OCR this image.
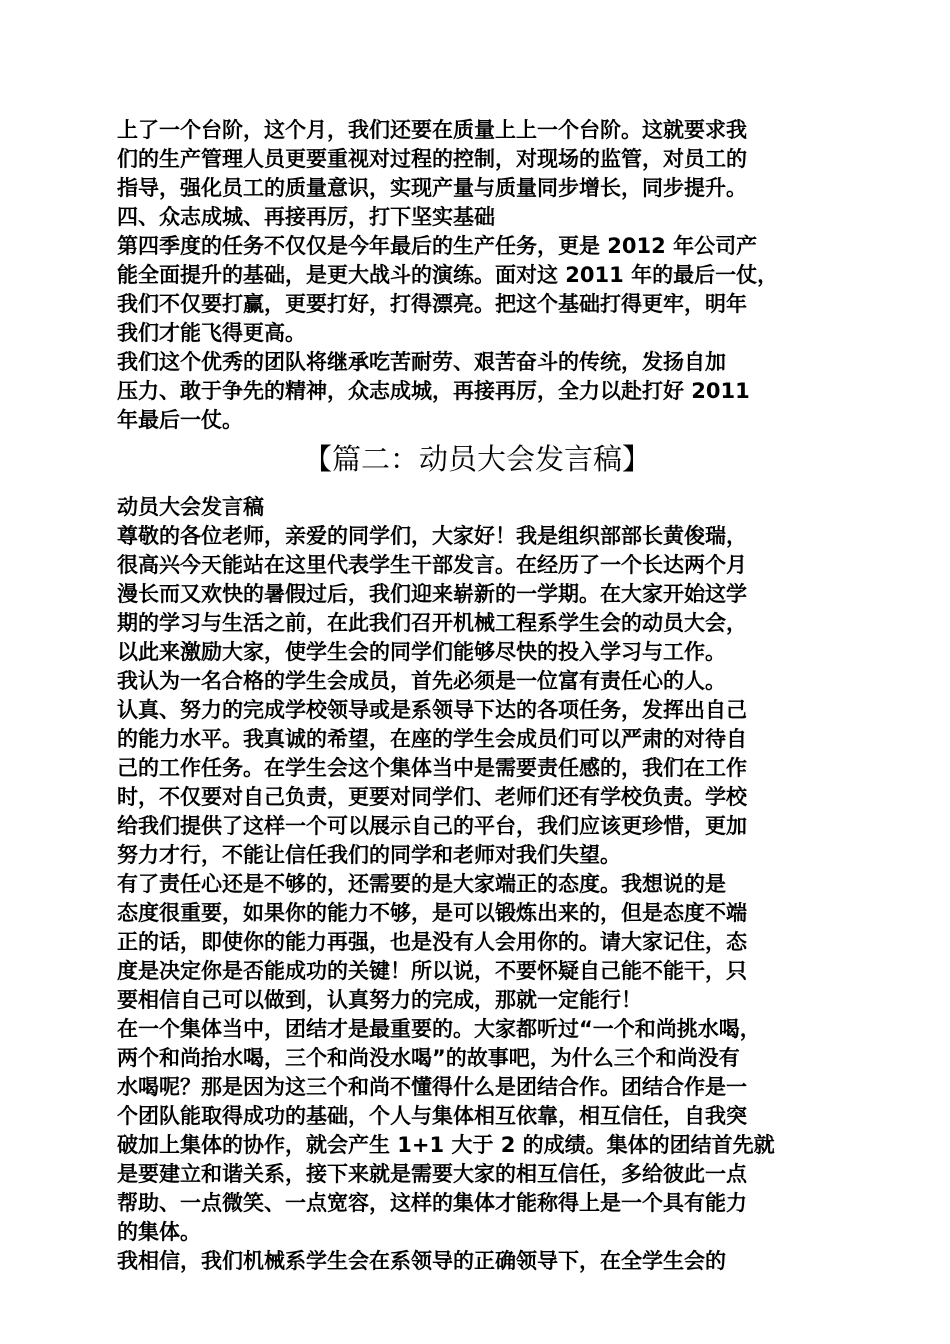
上了一个台阶，这个月，我们还要在质量上上一个台阶。这就要求我
们的生产管理人员更要重视对过程的控制，对现场的监管，对员工的
指导，强化员工的质量意识，实现产量与质量同步增长，同步提升。

四、众志成城、再接再厉，打下坚实基础

第四季度的任务不仅仅是今年最后的生产任务，更是 2012 年公司产
能全面提升的基础，是更大战斗的演练。面对这 2011 年的最后一仗，
我们不仅要打赢，更要打好，打得漂亮。把这个基础打得更牢，明年
我们才能飞得更高。

我们这个优秀的团队将继承吃苦耐劳、艰苦奋斗的传统，发扬自加
压力、敢于争先的精神，众志成城，再接再厉，全力以赴打好 2011
年最后一仗。

【篇二：动员大会发言稿】

动员大会发言稿

尊敬的各位老师，亲爱的同学们，大家好！我是组织部部长黄俊瑞，
很高兴今天能站在这里代表学生干部发言。在经历了一个长达两个月
漫长而又欢快的暑假过后，我们迎来崭新的一学期。在大家开始这学
期的学习与生活之前，在此我们召开机械工程系学生会的动员大会，
以此来激励大家，使学生会的同学们能够尽快的投入学习与工作。

我认为一名合格的学生会成员，首先必须是一位富有责任心的人。
认真、努力的完成学校领导或是系领导下达的各项任务，发挥出自己
的能力水平。我真诚的希望，在座的学生会成员们可以严肃的对待自
己的工作任务。在学生会这个集体当中是需要责任感的，我们在工作
时，不仅要对自己负责，更要对同学们、老师们还有学校负责。学校
给我们提供了这样一个可以展示自己的平台，我们应该更珍惜，更加
努力才行，不能让信任我们的同学和老师对我们失望。

有了责任心还是不够的，还需要的是大家端正的态度。我想说的是
态度很重要，如果你的能力不够，是可以锻炼出来的，但是态度不端
正的话，即使你的能力再强，也是没有人会用你的。请大家记住，态
度是决定你是否能成功的关键！所以说，不要怀疑自己能不能干，只
要相信自己可以做到，认真努力的完成，那就一定能行！

在一个集体当中，团结才是最重要的。大家都听过“一个和尚挑水喝，
两个和尚抬水喝，三个和尚没水喝”的故事吧，为什么三个和尚没有
水喝呢？那是因为这三个和尚不懂得什么是团结合作。团结合作是一
个团队能取得成功的基础，个人与集体相互依靠，相互信任，自我突
破加上集体的协作，就会产生 1+1 大于 2 的成绩。集体的团结首先就
是要建立和谐关系，接下来就是需要大家的相互信任，多给彼此一点
帮助、一点微笑、一点宽容，这样的集体才能称得上是一个具有能力
的集体。

我相信，我们机械系学生会在系领导的正确领导下，在全学生会的
